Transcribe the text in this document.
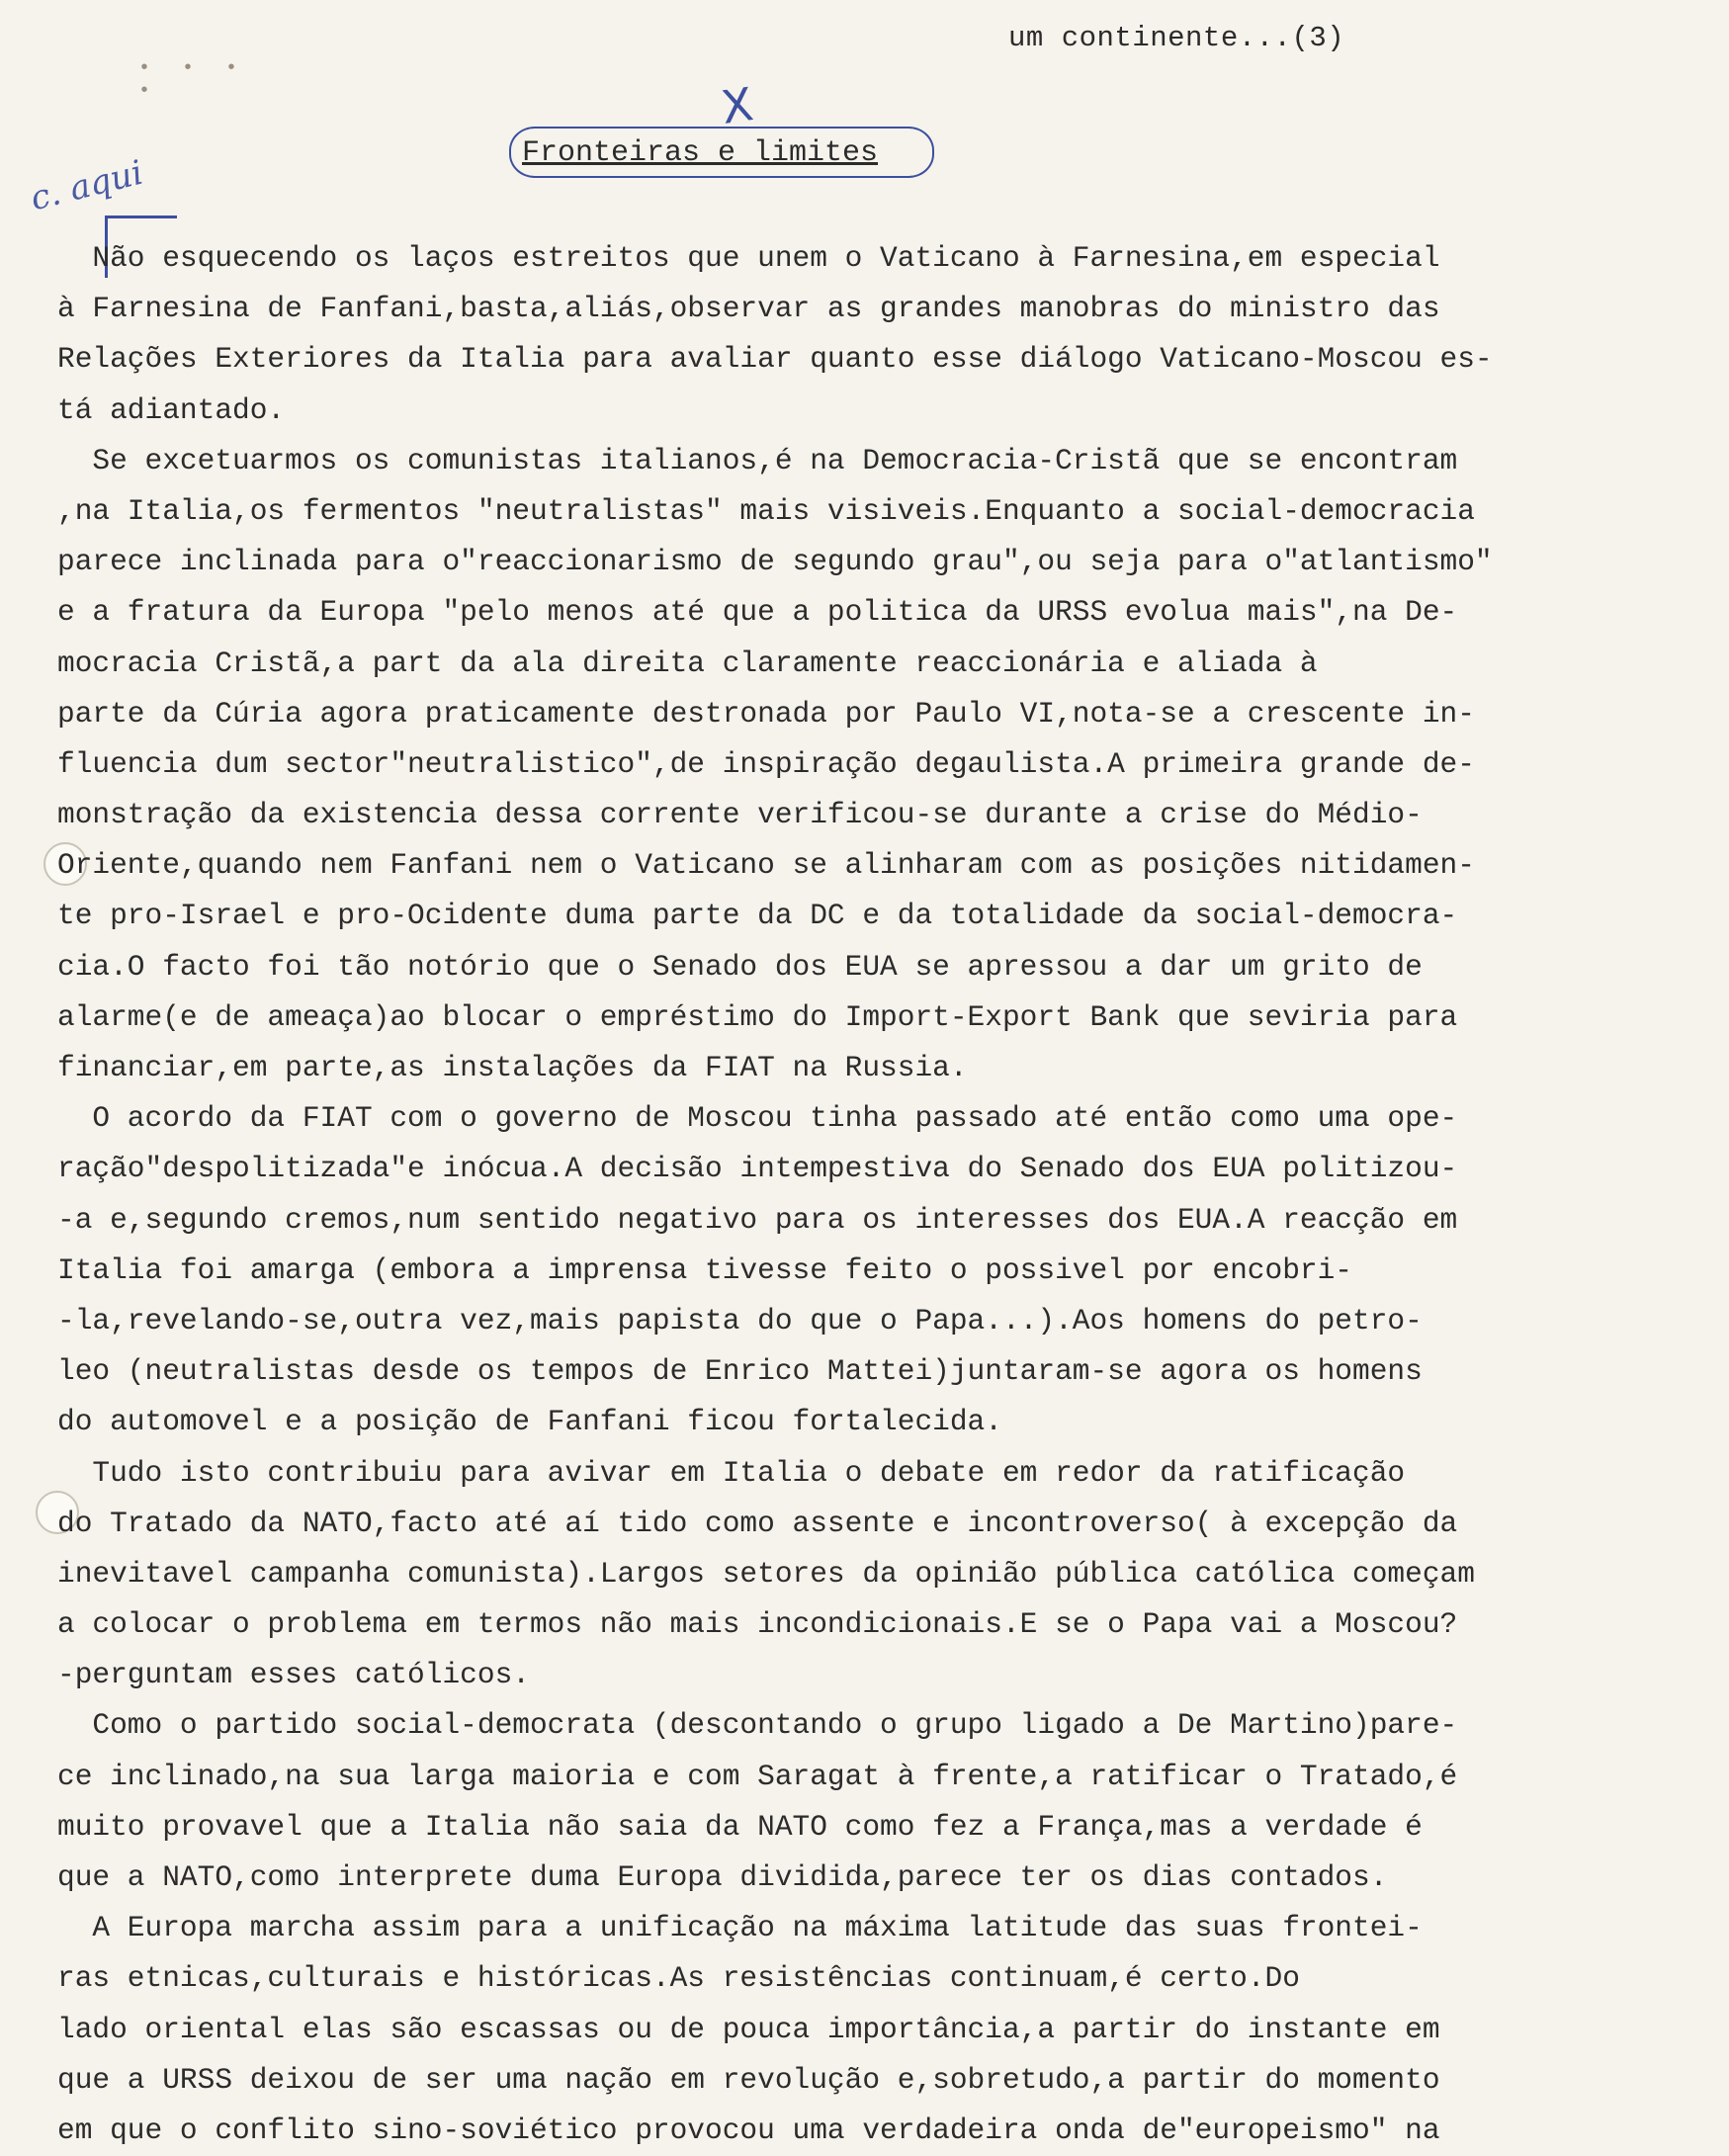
• • • •
um continente...(3)
X
Fronteiras e limites
c. aqui
Não esquecendo os laços estreitos que unem o Vaticano à Farnesina,em especial
à Farnesina de Fanfani,basta,aliás,observar as grandes manobras do ministro das
Relações Exteriores da Italia para avaliar quanto esse diálogo Vaticano-Moscou es-
tá adiantado.
Se excetuarmos os comunistas italianos,é na Democracia-Cristã que se encontram
,na Italia,os fermentos "neutralistas" mais visiveis.Enquanto a social-democracia
parece inclinada para o"reaccionarismo de segundo grau",ou seja para o"atlantismo"
e a fratura da Europa "pelo menos até que a politica da URSS evolua mais",na De-
mocracia Cristã,a part da ala direita claramente reaccionária e aliada à
parte da Cúria agora praticamente destronada por Paulo VI,nota-se a crescente in-
fluencia dum sector"neutralistico",de inspiração degaulista.A primeira grande de-
monstração da existencia dessa corrente verificou-se durante a crise do Médio-
Oriente,quando nem Fanfani nem o Vaticano se alinharam com as posições nitidamen-
te pro-Israel e pro-Ocidente duma parte da DC e da totalidade da social-democra-
cia.O facto foi tão notório que o Senado dos EUA se apressou a dar um grito de
alarme(e de ameaça)ao blocar o empréstimo do Import-Export Bank que seviria para
financiar,em parte,as instalações da FIAT na Russia.
O acordo da FIAT com o governo de Moscou tinha passado até então como uma ope-
ração"despolitizada"e inócua.A decisão intempestiva do Senado dos EUA politizou-
-a e,segundo cremos,num sentido negativo para os interesses dos EUA.A reacção em
Italia foi amarga (embora a imprensa tivesse feito o possivel por encobri-
-la,revelando-se,outra vez,mais papista do que o Papa...).Aos homens do petro-
leo (neutralistas desde os tempos de Enrico Mattei)juntaram-se agora os homens
do automovel e a posição de Fanfani ficou fortalecida.
Tudo isto contribuiu para avivar em Italia o debate em redor da ratificação
do Tratado da NATO,facto até aí tido como assente e incontroverso( à excepção da
inevitavel campanha comunista).Largos setores da opinião pública católica começam
a colocar o problema em termos não mais incondicionais.E se o Papa vai a Moscou?
-perguntam esses católicos.
Como o partido social-democrata (descontando o grupo ligado a De Martino)pare-
ce inclinado,na sua larga maioria e com Saragat à frente,a ratificar o Tratado,é
muito provavel que a Italia não saia da NATO como fez a França,mas a verdade é
que a NATO,como interprete duma Europa dividida,parece ter os dias contados.
A Europa marcha assim para a unificação na máxima latitude das suas frontei-
ras etnicas,culturais e históricas.As resistências continuam,é certo.Do
lado oriental elas são escassas ou de pouca importância,a partir do instante em
que a URSS deixou de ser uma nação em revolução e,sobretudo,a partir do momento
em que o conflito sino-soviético provocou uma verdadeira onda de"europeismo" na
